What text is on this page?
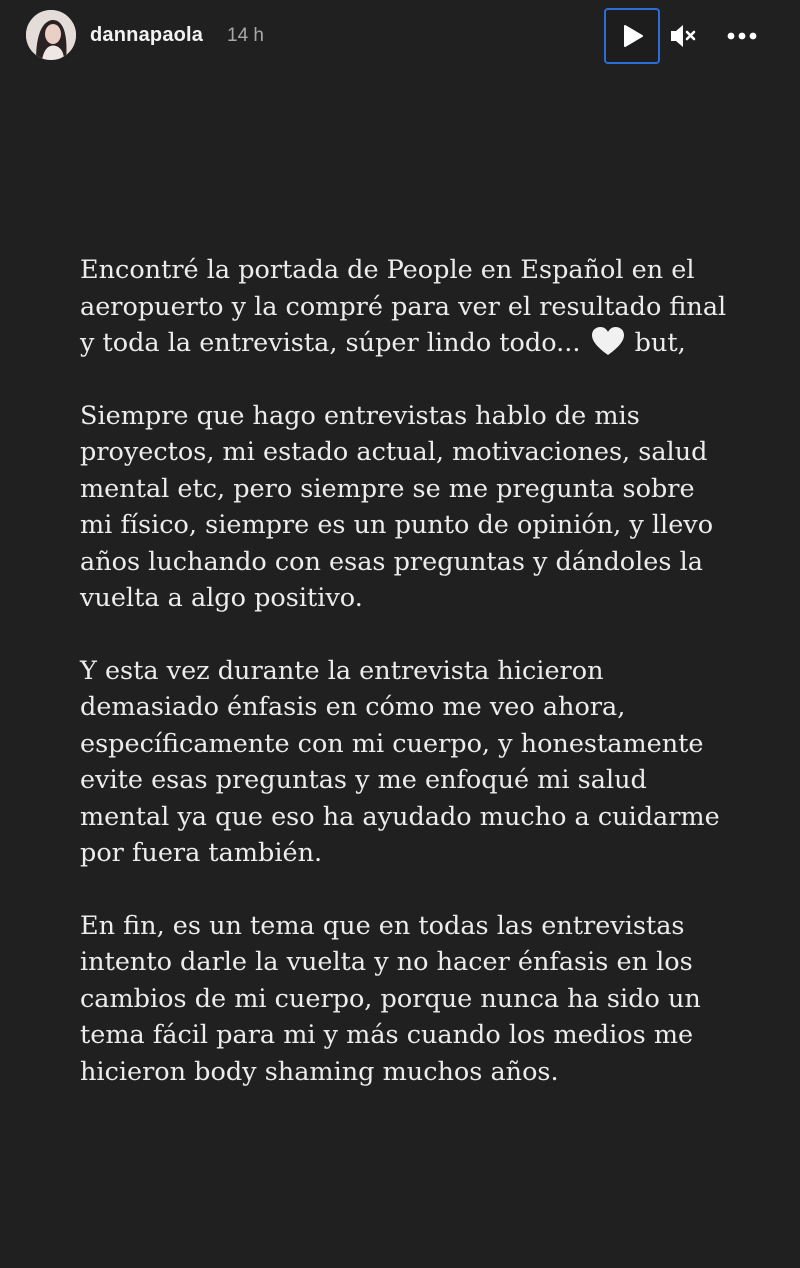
dannapaola 14 h

Encontré la portada de People en Español en el
aeropuerto y la compré para ver el resultado final
y toda la entrevista, súper lindo todo... but,

Siempre que hago entrevistas hablo de mis
proyectos, mi estado actual, motivaciones, salud
mental etc, pero siempre se me pregunta sobre
mi físico, siempre es un punto de opinión, y llevo
años luchando con esas preguntas y dándoles la
vuelta a algo positivo.

Y esta vez durante la entrevista hicieron
demasiado énfasis en cómo me veo ahora,
específicamente con mi cuerpo, y honestamente
evite esas preguntas y me enfoqué mi salud
mental ya que eso ha ayudado mucho a cuidarme
por fuera también.

En fin, es un tema que en todas las entrevistas
intento darle la vuelta y no hacer énfasis en los
cambios de mi cuerpo, porque nunca ha sido un
tema fácil para mi y más cuando los medios me
hicieron body shaming muchos años.
